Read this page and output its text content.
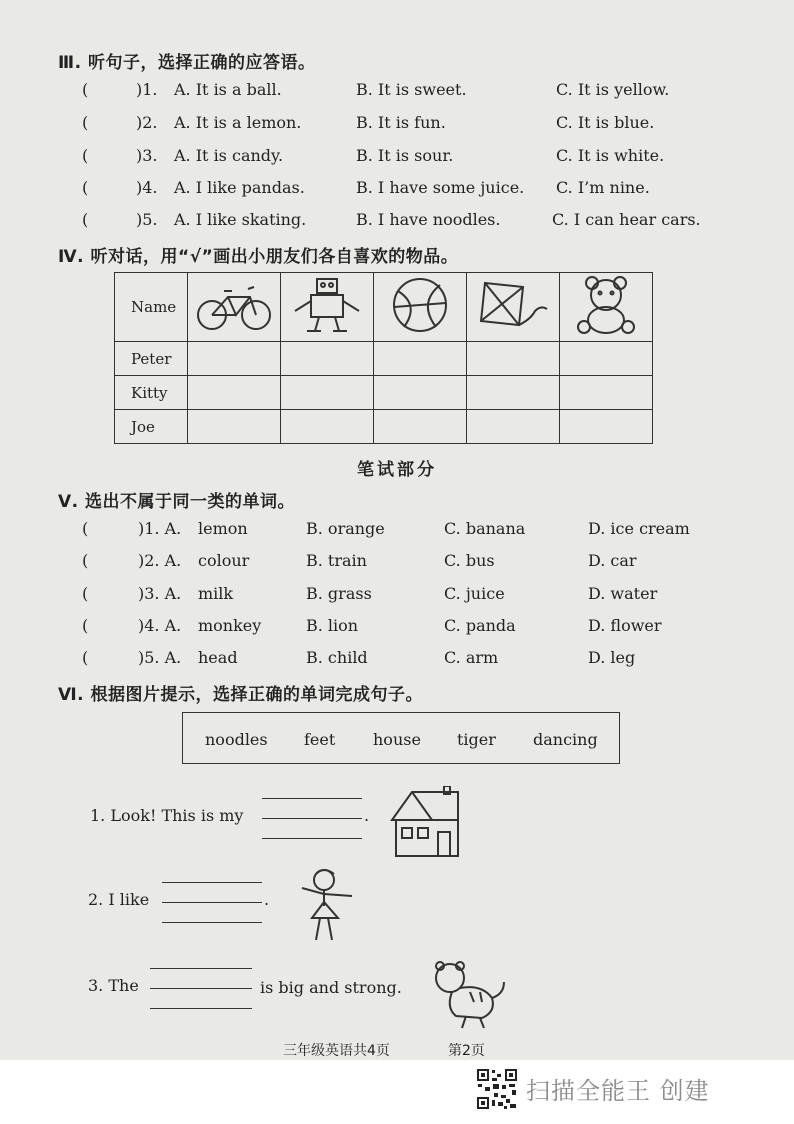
Ⅲ. 听句子，选择正确的应答语。
(	)1. A. It is a ball.	B. It is sweet.	C. It is yellow.
(	)2. A. It is a lemon.	B. It is fun.	C. It is blue.
(	)3. A. It is candy.	B. It is sour.	C. It is white.
(	)4. A. I like pandas.	B. I have some juice. C. I’m nine.
(	)5. A. I like skating.	B. I have noodles.	C. I can hear cars.
Ⅳ. 听对话，用“√”画出小朋友们各自喜欢的物品。
Name					
Peter					
Kitty					
Joe					
笔试部分
Ⅴ. 选出不属于同一类的单词。
(	)1. A. lemon	B. orange	C. banana	D. ice cream
(	)2. A. colour	B. train	C. bus	D. car
(	)3. A. milk	B. grass	C. juice	D. water
(	)4. A. monkey	B. lion	C. panda	D. flower
(	)5. A. head	B. child	C. arm	D. leg
Ⅵ. 根据图片提示，选择正确的单词完成句子。
noodles feet house tiger dancing
1. Look! This is my	.
2. I like	.
3. The	is big and strong.
三年级英语共4页	第2页
扫描全能王 创建
